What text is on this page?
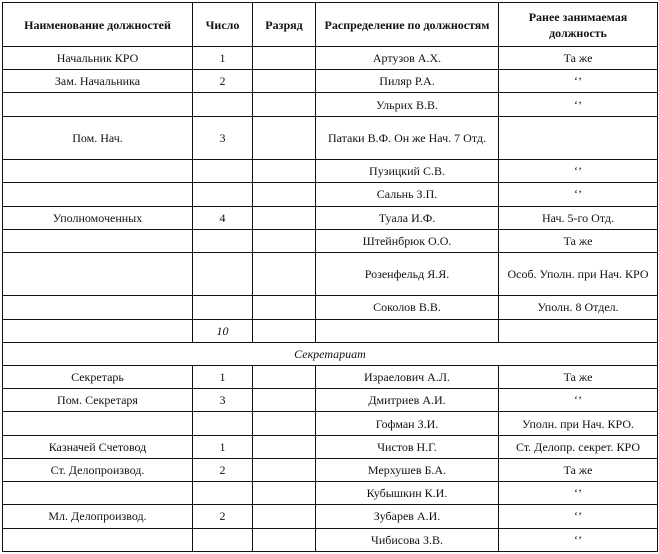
Наименование должностей	Число	Разряд	Распределение по должностям	Ранее занимаемая должность
Начальник КРО	1		Артузов А.Х.	Та же
Зам. Начальника	2		Пиляр Р.А.	‘’
			Ульрих В.В.	‘’
Пом. Нач.	3		Патаки В.Ф. Он же Нач. 7 Отд.	
			Пузицкий С.В.	‘’
			Сальнь З.П.	‘’
Уполномоченных	4		Туала И.Ф.	Нач. 5-го Отд.
			Штейнбрюк О.О.	Та же
			Розенфельд Я.Я.	Особ. Уполн. при Нач. КРО
			Соколов В.В.	Уполн. 8 Отдел.
	10			
Секретариат				
Секретарь	1		Израелович А.Л.	Та же
Пом. Секретаря	3		Дмитриев А.И.	‘’
			Гофман З.И.	Уполн. при Нач. КРО.
Казначей Счетовод	1		Чистов Н.Г.	Ст. Делопр. секрет. КРО
Ст. Делопроизвод.	2		Мерхушев Б.А.	Та же
			Кубышкин К.И.	‘’
Мл. Делопроизвод.	2		Зубарев А.И.	‘’
			Чибисова З.В.	‘’
